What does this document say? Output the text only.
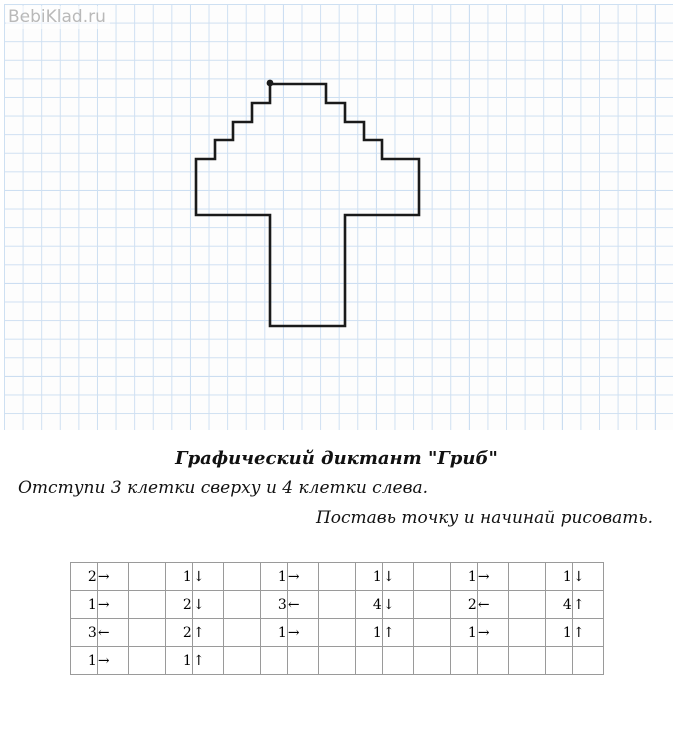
BebiKlad.ru
Графический диктант "Гриб"
Отступи 3 клетки сверху и 4 клетки слева.
Поставь точку и начинай рисовать.
2	→		1	↓		1	→		1	↓		1	→		1	↓
1	→		2	↓		3	←		4	↓		2	←		4	↑
3	←		2	↑		1	→		1	↑		1	→		1	↑
1	→		1	↑												
